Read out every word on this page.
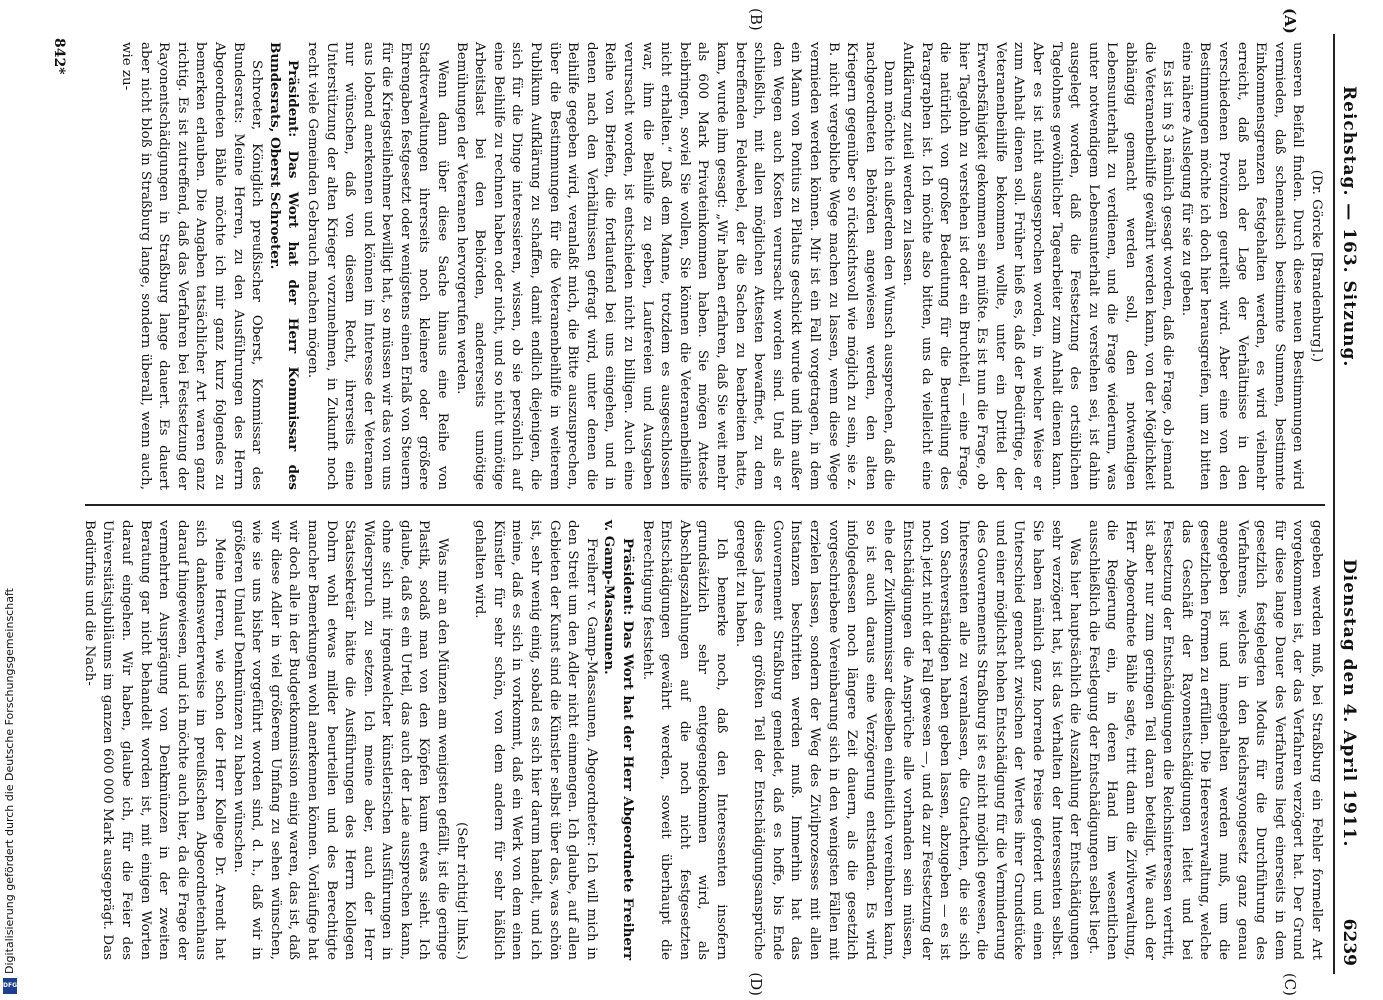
Reichstag. — 163. Sitzung.
Dienstag den 4. April 1911.
6239
(A)
(B)

(Dr. Görcke [Brandenburg].)

unseren Beifall finden. Durch diese neuen Bestimmungen wird vermieden, daß schematisch bestimmte Summen, bestimmte Einkommensgrenzen festgehalten werden, es wird vielmehr erreicht, daß nach der Lage der Verhältnisse in den verschiedenen Provinzen geurteilt wird. Aber eine von den Bestimmungen möchte ich doch hier herausgreifen, um zu bitten eine nähere Auslegung für sie zu geben.

Es ist im § 3 nämlich gesagt worden, daß die Frage, ob jemand die Veteranenbeihilfe gewährt werden kann, von der Möglichkeit abhängig gemacht werden soll, den notwendigen Lebensunterhalt zu verdienen, und die Frage wiederum, was unter notwendigem Lebensunterhalt zu verstehen sei, ist dahin ausgelegt worden, daß die Festsetzung des ortsüblichen Tagelohnes gewöhnlicher Tagearbeiter zum Anhalt dienen kann. Aber es ist nicht ausgesprochen worden, in welcher Weise er zum Anhalt dienen soll. Früher hieß es, daß der Bedürftige, der Veteranenbeihilfe bekommen wollte, unter ein Drittel der Erwerbsfähigkeit gekommen sein müßte. Es ist nun die Frage, ob hier Tagelohn zu verstehen ist oder ein Bruchteil, — eine Frage, die natürlich von großer Bedeutung für die Beurteilung des Paragraphen ist. Ich möchte also bitten, uns da vielleicht eine Aufklärung zuteil werden zu lassen.

Dann möchte ich außerdem den Wunsch aussprechen, daß die nachgeordneten Behörden angewiesen werden, den alten Kriegern gegenüber so rücksichtsvoll wie möglich zu sein, sie z. B. nicht vergebliche Wege machen zu lassen, wenn diese Wege vermieden werden können. Mir ist ein Fall vorgetragen, in dem ein Mann von Pontius zu Pilatus geschickt wurde und ihm außer den Wegen auch Kosten verursacht worden sind. Und als er schließlich, mit allen möglichen Attesten bewaffnet, zu dem betreffenden Feldwebel, der die Sachen zu bearbeiten hatte, kam, wurde ihm gesagt: „Wir haben erfahren, daß Sie weit mehr als 600 Mark Privateinkommen haben. Sie mögen Atteste beibringen, soviel Sie wollen, Sie können die Veteranenbeihilfe nicht erhalten.“ Daß dem Manne, trotzdem es ausgeschlossen war, ihm die Beihilfe zu geben, Laufereien und Ausgaben verursacht worden, ist entschieden nicht zu billigen. Auch eine Reihe von Briefen, die fortlaufend bei uns eingehen, und in denen nach den Verhältnissen gefragt wird, unter denen die Beihilfe gegeben wird, veranlaßt mich, die Bitte auszusprechen, über die Bestimmungen für die Veteranenbeihilfe in weiterem Publikum Aufklärung zu schaffen, damit endlich diejenigen, die sich für die Dinge interessieren, wissen, ob sie persönlich auf eine Beihilfe zu rechnen haben oder nicht, und so nicht unnötige Arbeitslast bei den Behörden, andererseits unnötige Bemühungen der Veteranen hervorgerufen werden.

Wenn dann über diese Sache hinaus eine Reihe von Stadtverwaltungen ihrerseits noch kleinere oder größere Ehrengaben festgesetzt oder wenigstens einen Erlaß von Steuern für die Kriegsteilnehmer bewilligt hat, so müssen wir das von uns aus lobend anerkennen und können im Interesse der Veteranen nur wünschen, daß von diesem Recht, ihrerseits eine Unterstützung der alten Krieger vorzunehmen, in Zukunft noch recht viele Gemeinden Gebrauch machen mögen.

Präsident: Das Wort hat der Herr Kommissar des Bundesrats, Oberst Schroeter.

Schroeter, Königlich preußischer Oberst, Kommissar des Bundesrats: Meine Herren, zu den Ausführungen des Herrn Abgeordneten Bähle möchte ich mir ganz kurz folgendes zu bemerken erlauben. Die Angaben tatsächlicher Art waren ganz richtig. Es ist zutreffend, daß das Verfahren bei Festsetzung der Rayonentschädigungen in Straßburg lange dauert. Es dauert aber nicht bloß in Straßburg lange, sondern überall, wenn auch, wie zu-

(C)
(D)

gegeben werden muß, bei Straßburg ein Fehler formeller Art vorgekommen ist, der das Verfahren verzögert hat. Der Grund für diese lange Dauer des Verfahrens liegt einerseits in dem gesetzlich festgelegten Modus für die Durchführung des Verfahrens, welches in den Reichsrayongesetz ganz genau angegeben ist und innegehalten werden muß, um die gesetzlichen Formen zu erfüllen. Die Heeresverwaltung, welche das Geschäft der Rayonentschädigungen leitet und bei Festsetzung der Entschädigungen die Reichsinteressen vertritt, ist aber nur zum geringen Teil daran beteiligt. Wie auch der Herr Abgeordnete Bähle sagte, tritt dann die Zivilverwaltung, die Regierung ein, in deren Hand im wesentlichen ausschließlich die Festlegung der Entschädigungen selbst liegt.

Was hier hauptsächlich die Auszahlung der Entschädigungen sehr verzögert hat, ist das Verhalten der Interessenten selbst. Sie haben nämlich ganz horrende Preise gefordert und einen Unterschied gemacht zwischen der Wertes ihrer Grundstücke und einer möglichst hohen Entschädigung für die Verminderung des Gouvernements Straßburg ist es nicht möglich gewesen, die Interessenten alle zu veranlassen, die Gutachten, die sie sich von Sachverständigen haben geben lassen, abzugeben — es ist noch jetzt nicht der Fall gewesen —, und da zur Festsetzung der Entschädigungen die Ansprüche alle vorhanden sein müssen, ehe der Zivilkommissar dieselben einheitlich vereinbaren kann, so ist auch daraus eine Verzögerung entstanden. Es wird infolgedessen noch längere Zeit dauern, als die gesetzlich vorgeschriebene Vereinbarung sich in den wenigsten Fällen mit erzielen lassen, sondern der Weg des Zivilprozesses mit allen Instanzen beschritten werden muß. Immerhin hat das Gouvernement Straßburg gemeldet, daß es hoffe, bis Ende dieses Jahres den größten Teil der Entschädigungsansprüche geregelt zu haben.

Ich bemerke noch, daß den Interessenten insofern grundsätzlich sehr entgegengekommen wird, als Abschlagszahlungen auf die noch nicht festgesetzten Entschädigungen gewährt werden, soweit überhaupt die Berechtigung feststeht.

Präsident: Das Wort hat der Herr Abgeordnete Freiherr v. Gamp-Massaunen.

Freiherr v. Gamp-Massaunen, Abgeordneter: Ich will mich in den Streit um den Adler nicht einmengen. Ich glaube, auf allen Gebieten der Kunst sind die Künstler selbst über das, was schön ist, sehr wenig einig, sobald es sich hier darum handelt, und ich meine, daß es sich in vorkommt, daß ein Werk von dem einen Künstler für sehr schön, von dem andern für sehr häßlich gehalten wird.

(Sehr richtig! links.)

Was mir an den Münzen am wenigsten gefällt, ist die geringe Plastik, sodaß man von den Köpfen kaum etwas sieht. Ich glaube, daß es ein Urteil, das auch der Laie aussprechen kann, ohne sich mit irgendwelcher künstlerischen Ausführungen in Widerspruch zu setzen. Ich meine aber, auch der Herr Staatssekretär hätte die Ausführungen des Herrn Kollegen Dohrn wohl etwas milder beurteilen und des Berechtigte mancher Bemerkungen wohl anerkennen können. Vorläufige hat wir doch alle in der Budgetkommission einig waren, das ist, daß wir diese Adler in viel größerem Umfang zu sehen wünschen, wie sie uns bisher vorgeführt worden sind, d. h., daß wir in größeren Umlauf Denkmünzen zu haben wünschen.

Meine Herren, wie schon der Herr Kollege Dr. Arendt hat sich dankenswerterweise im preußischen Abgeordnetenhaus darauf hingewiesen, und ich möchte auch hier, da die Frage der vermehrten Ausprägung von Denkmünzen in der zweiten Beratung gar nicht behandelt worden ist, mit einigen Worten darauf eingehen. Wir haben, glaube ich, für die Feier des Universitätsjubiläums im ganzen 600 000 Mark ausgeprägt. Das Bedürfnis und die Nach-

842*
Digitalisierung gefördert durch die Deutsche Forschungsgemeinschaft
DFG
